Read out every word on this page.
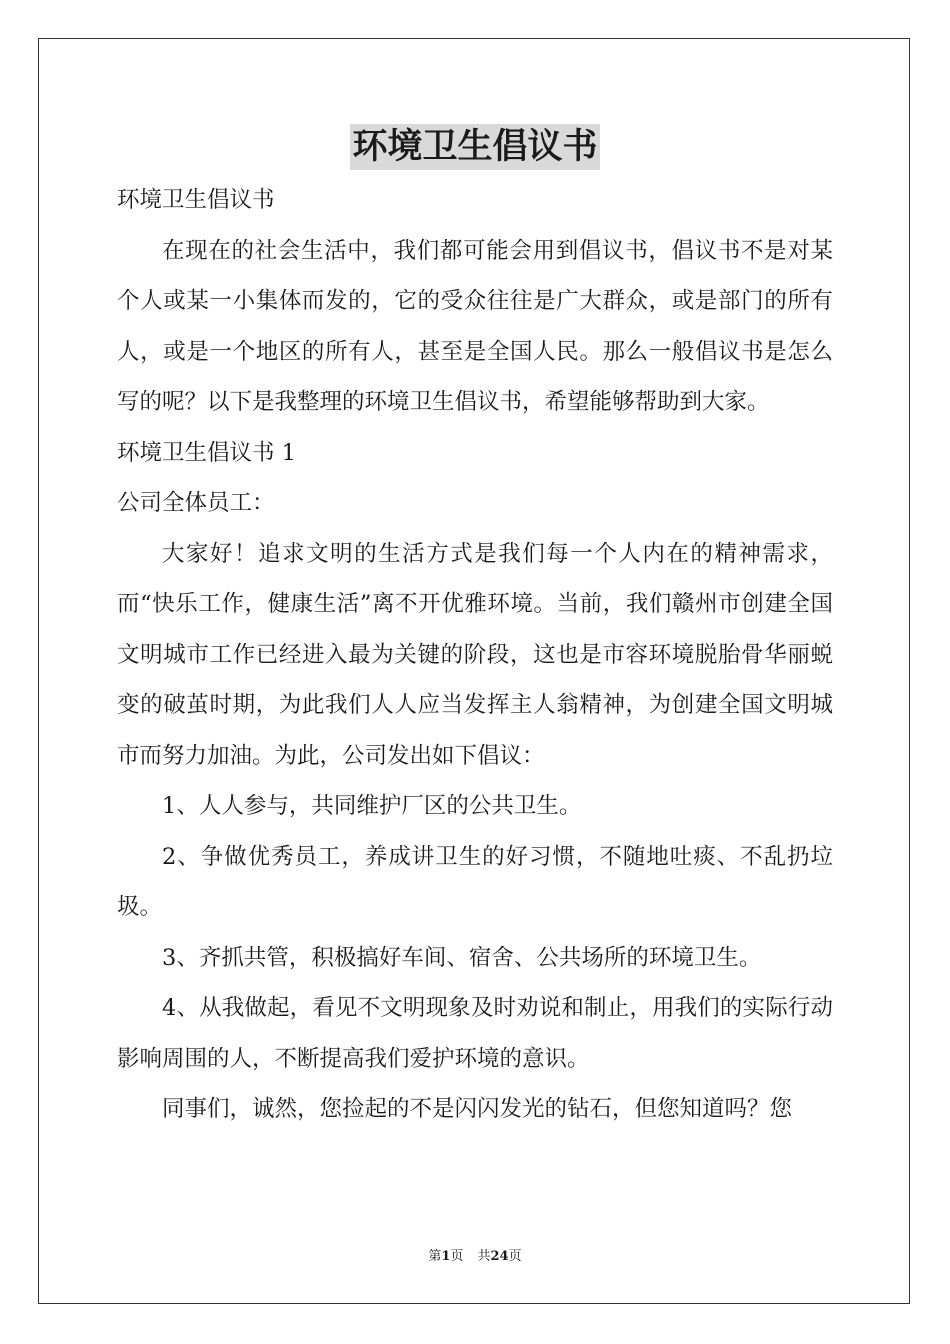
环境卫生倡议书

环境卫生倡议书

在现在的社会生活中，我们都可能会用到倡议书，倡议书不是对某个人或某一小集体而发的，它的受众往往是广大群众，或是部门的所有人，或是一个地区的所有人，甚至是全国人民。那么一般倡议书是怎么写的呢？以下是我整理的环境卫生倡议书，希望能够帮助到大家。

环境卫生倡议书 1

公司全体员工：

大家好！追求文明的生活方式是我们每一个人内在的精神需求，而“快乐工作，健康生活”离不开优雅环境。当前，我们赣州市创建全国文明城市工作已经进入最为关键的阶段，这也是市容环境脱胎骨华丽蜕变的破茧时期，为此我们人人应当发挥主人翁精神，为创建全国文明城市而努力加油。为此，公司发出如下倡议：

1、人人参与，共同维护厂区的公共卫生。

2、争做优秀员工，养成讲卫生的好习惯，不随地吐痰、不乱扔垃圾。

3、齐抓共管，积极搞好车间、宿舍、公共场所的环境卫生。

4、从我做起，看见不文明现象及时劝说和制止，用我们的实际行动影响周围的人，不断提高我们爱护环境的意识。

同事们，诚然，您捡起的不是闪闪发光的钻石，但您知道吗？您

第1页 共24页
